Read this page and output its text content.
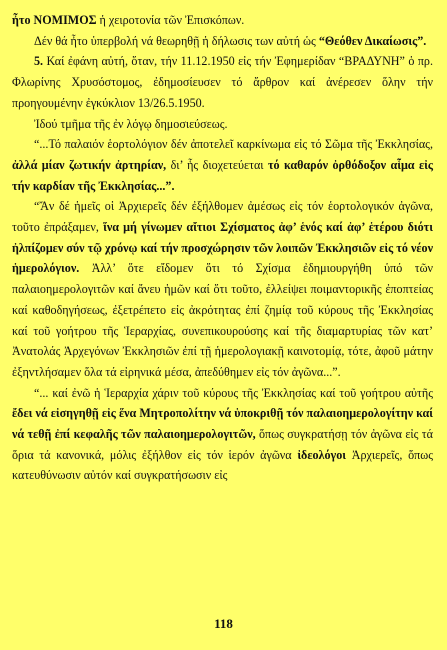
ἦτο ΝΟΜΙΜΟΣ ἡ χειροτονία τῶν Ἐπισκόπων.

Δέν θά ἦτο ὑπερβολή νά θεωρηθῇ ἡ δήλωσις των αὐτή ὡς “Θεόθεν Δικαίωσις”.

5. Καί ἐφάνη αὐτή, ὅταν, τήν 11.12.1950 εἰς τήν Ἐφημερίδαν “ΒΡΑΔΥΝΗ” ὁ πρ. Φλωρίνης Χρυσόστομος, ἐδημοσίευσεν τό ἄρθρον καί ἀνέρεσεν ὅλην τήν προηγουμένην ἐγκύκλιον 13/26.5.1950.

Ἰδού τμῆμα τῆς ἐν λόγῳ δημοσιεύσεως.

“...Τό παλαιόν ἑορτολόγιον δέν ἀποτελεῖ καρκίνωμα εἰς τό Σῶμα τῆς Ἐκκλησίας, ἀλλά μίαν ζωτικήν ἀρτηρίαν, δι’ ἧς διοχετεύεται τό καθαρόν ὀρθόδοξον αἷμα εἰς τήν καρδίαν τῆς Ἐκκλησίας...”.

“Ἄν δέ ἡμεῖς οἱ Ἀρχιερεῖς δέν ἐξήλθομεν ἀμέσως εἰς τόν ἑορτολογικόν ἀγῶνα, τοῦτο ἐπράξαμεν, ἵνα μή γίνωμεν αἴτιοι Σχίσματος ἀφ’ ἑνός καί ἀφ’ ἑτέρου διότι ἠλπίζομεν σύν τῷ χρόνῳ καί τήν προσχώρησιν τῶν λοιπῶν Ἐκκλησιῶν εἰς τό νέον ἡμερολόγιον. Ἀλλ’ ὅτε εἴδομεν ὅτι τό Σχίσμα ἐδημιουργήθη ὑπό τῶν παλαιοημερολογιτῶν καί ἄνευ ἡμῶν καί ὅτι τοῦτο, ἐλλείψει ποιμαντορικῆς ἐποπτείας καί καθοδηγήσεως, ἐξετρέπετο εἰς ἀκρότητας ἐπί ζημίᾳ τοῦ κύρους τῆς Ἐκκλησίας καί τοῦ γοήτρου τῆς Ἱεραρχίας, συνεπικουρούσης καί τῆς διαμαρτυρίας τῶν κατ’ Ἀνατολάς Ἀρχεγόνων Ἐκκλησιῶν ἐπί τῇ ἡμερολογιακῇ καινοτομίᾳ, τότε, ἀφοῦ μάτην ἐξηντλήσαμεν ὅλα τά εἰρηνικά μέσα, ἀπεδύθημεν εἰς τόν ἀγῶνα...”.

“... καί ἐνῶ ἡ Ἱεραρχία χάριν τοῦ κύρους τῆς Ἐκκλησίας καί τοῦ γοήτρου αὐτῆς ἔδει νά εἰσηγηθῇ εἰς ἕνα Μητροπολίτην νά ὑποκριθῇ τόν παλαιοημερολογίτην καί νά τεθῇ ἐπί κεφαλῆς τῶν παλαιοημερολογιτῶν, ὅπως συγκρατήσῃ τόν ἀγῶνα εἰς τά ὅρια τά κανονικά, μόλις ἐξήλθον εἰς τόν ἱερόν ἀγῶνα ἰδεολόγοι Ἀρχιερεῖς, ὅπως κατευθύνωσιν αὐτόν καί συγκρατήσωσιν εἰς

118
